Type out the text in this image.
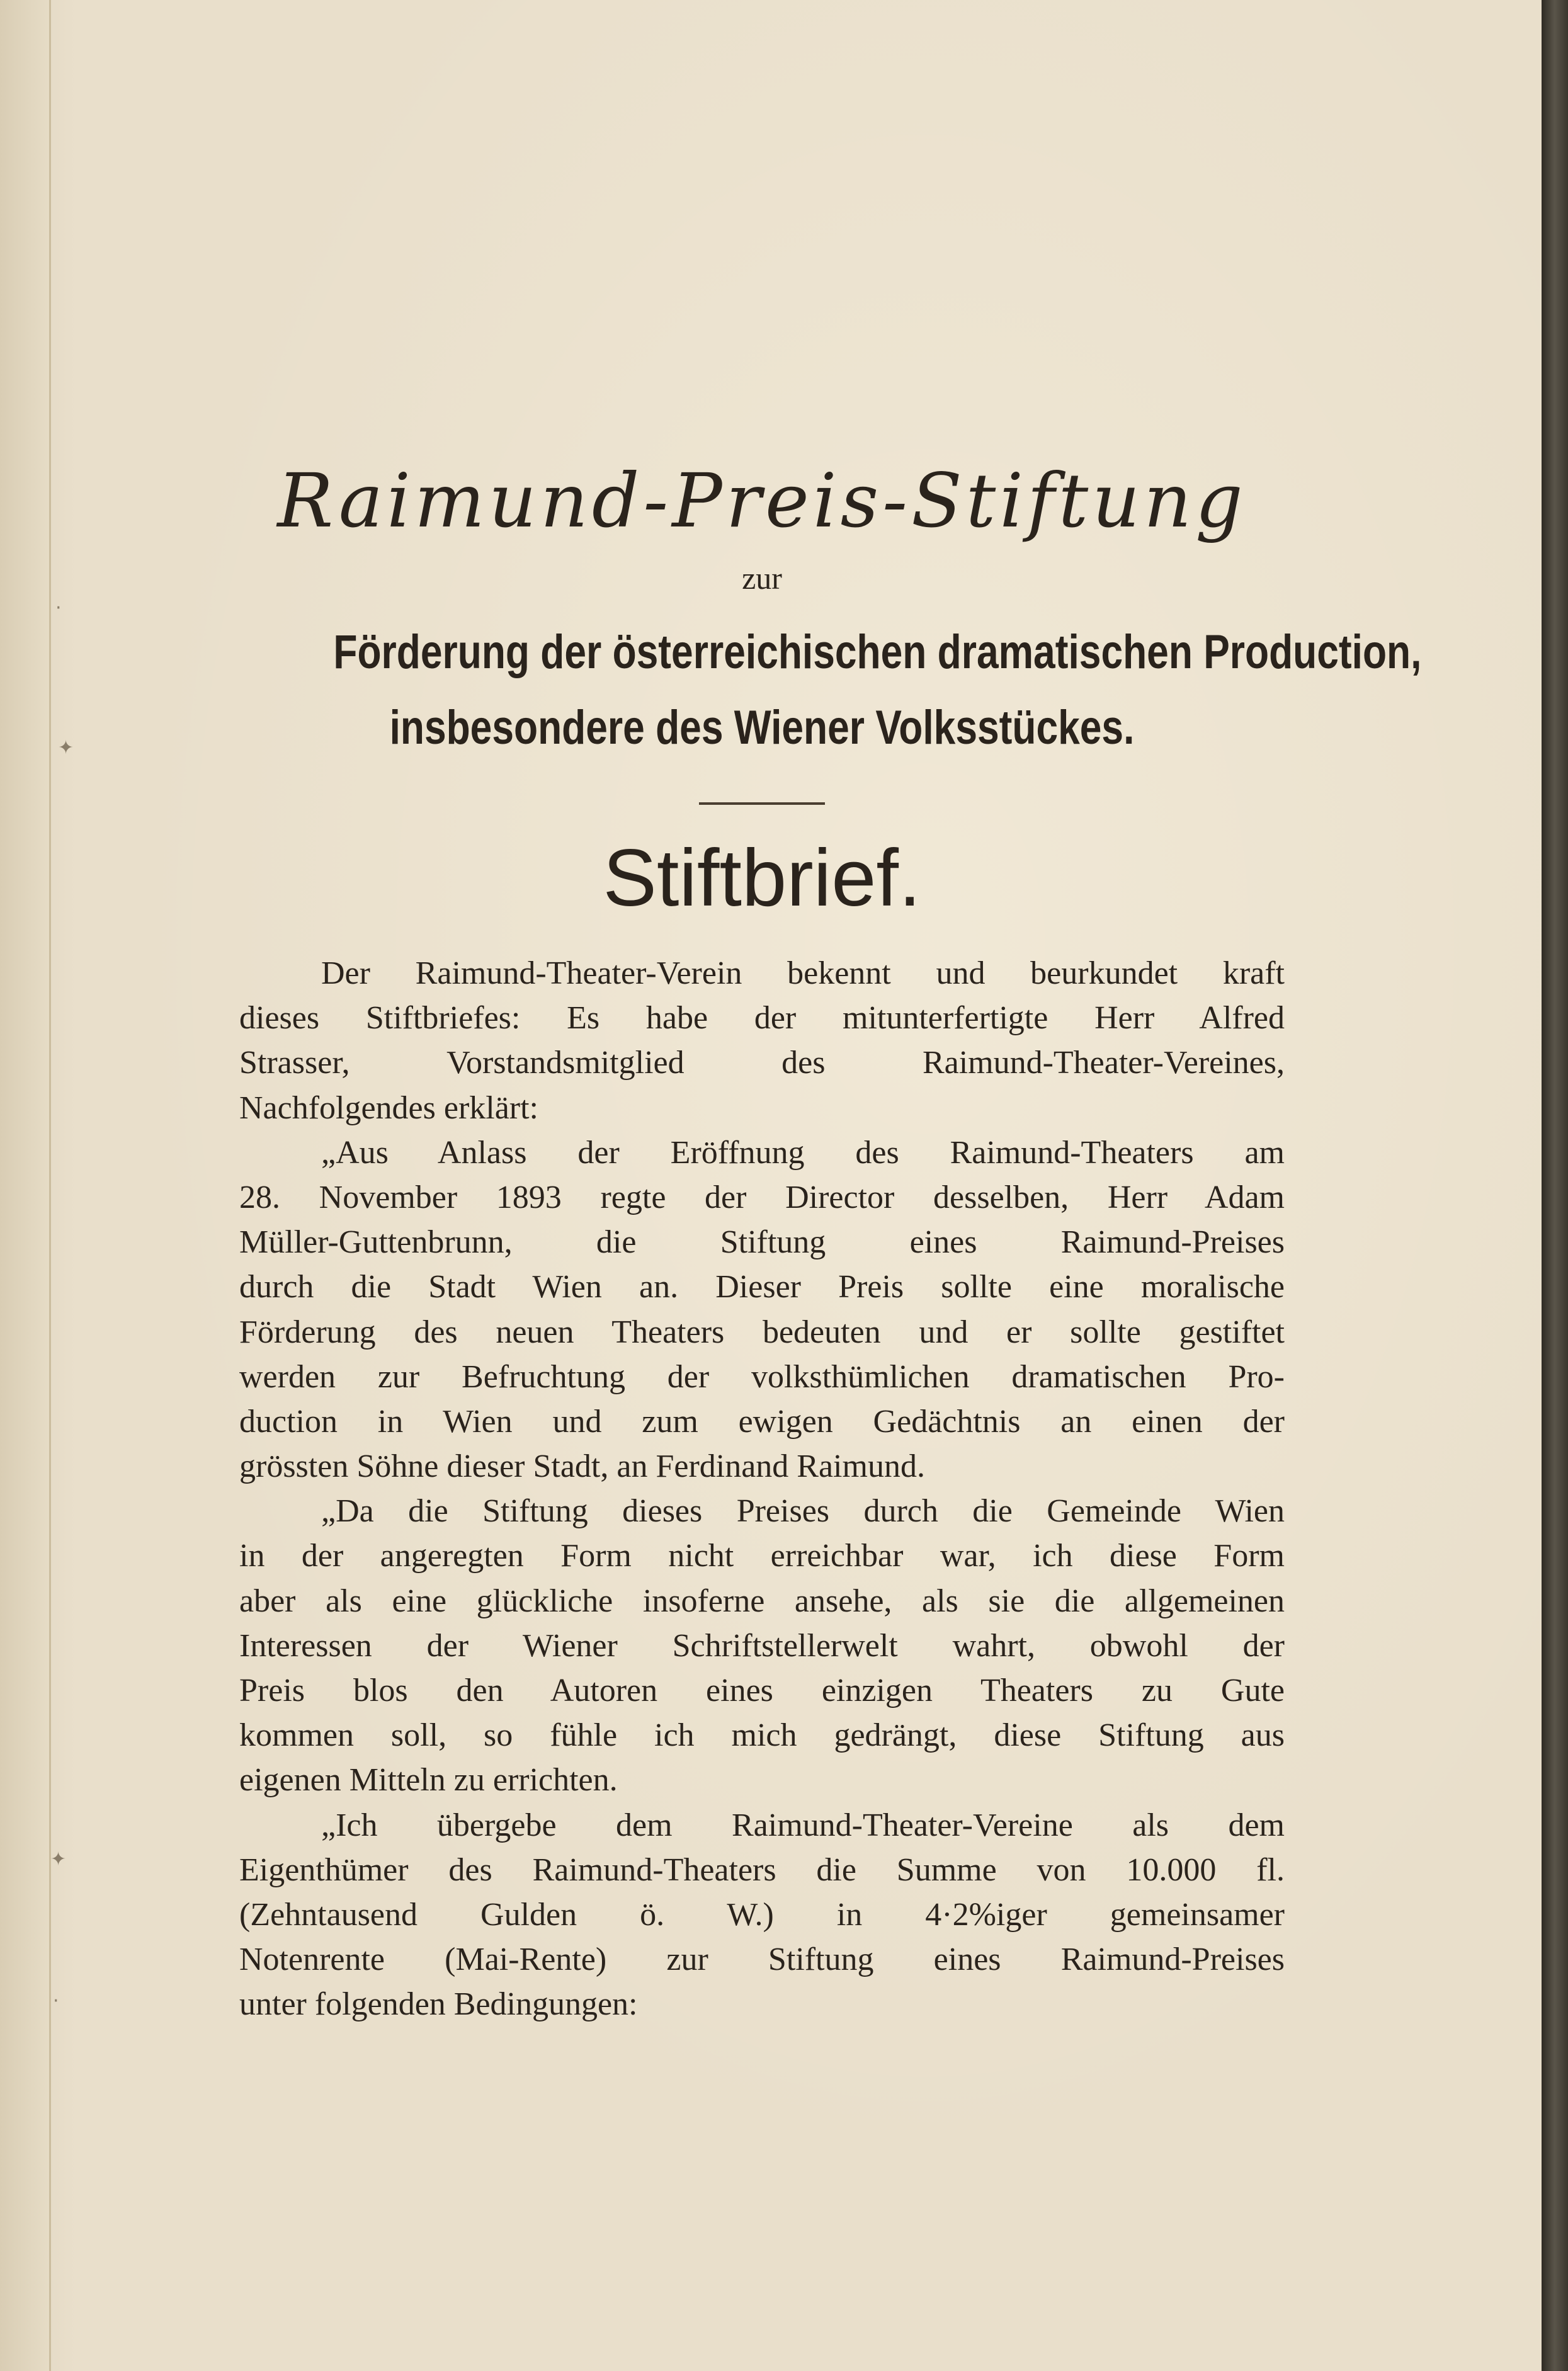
·
✦
✦
·
Raimund-Preis-Stiftung
zur
Förderung der österreichischen dramatischen Production,
insbesondere des Wiener Volksstückes.
Stiftbrief.
Der Raimund-Theater-Verein bekennt und beurkundet kraft
dieses Stiftbriefes: Es habe der mitunterfertigte Herr Alfred
Strasser, Vorstandsmitglied des Raimund-Theater-Vereines,
Nachfolgendes erklärt:
„Aus Anlass der Eröffnung des Raimund-Theaters am
28. November 1893 regte der Director desselben, Herr Adam
Müller-Guttenbrunn, die Stiftung eines Raimund-Preises
durch die Stadt Wien an. Dieser Preis sollte eine moralische
Förderung des neuen Theaters bedeuten und er sollte gestiftet
werden zur Befruchtung der volksthümlichen dramatischen Pro-
duction in Wien und zum ewigen Gedächtnis an einen der
grössten Söhne dieser Stadt, an Ferdinand Raimund.
„Da die Stiftung dieses Preises durch die Gemeinde Wien
in der angeregten Form nicht erreichbar war, ich diese Form
aber als eine glückliche insoferne ansehe, als sie die allgemeinen
Interessen der Wiener Schriftstellerwelt wahrt, obwohl der
Preis blos den Autoren eines einzigen Theaters zu Gute
kommen soll, so fühle ich mich gedrängt, diese Stiftung aus
eigenen Mitteln zu errichten.
„Ich übergebe dem Raimund-Theater-Vereine als dem
Eigenthümer des Raimund-Theaters die Summe von 10.000 fl.
(Zehntausend Gulden ö. W.) in 4·2%iger gemeinsamer
Notenrente (Mai-Rente) zur Stiftung eines Raimund-Preises
unter folgenden Bedingungen:
